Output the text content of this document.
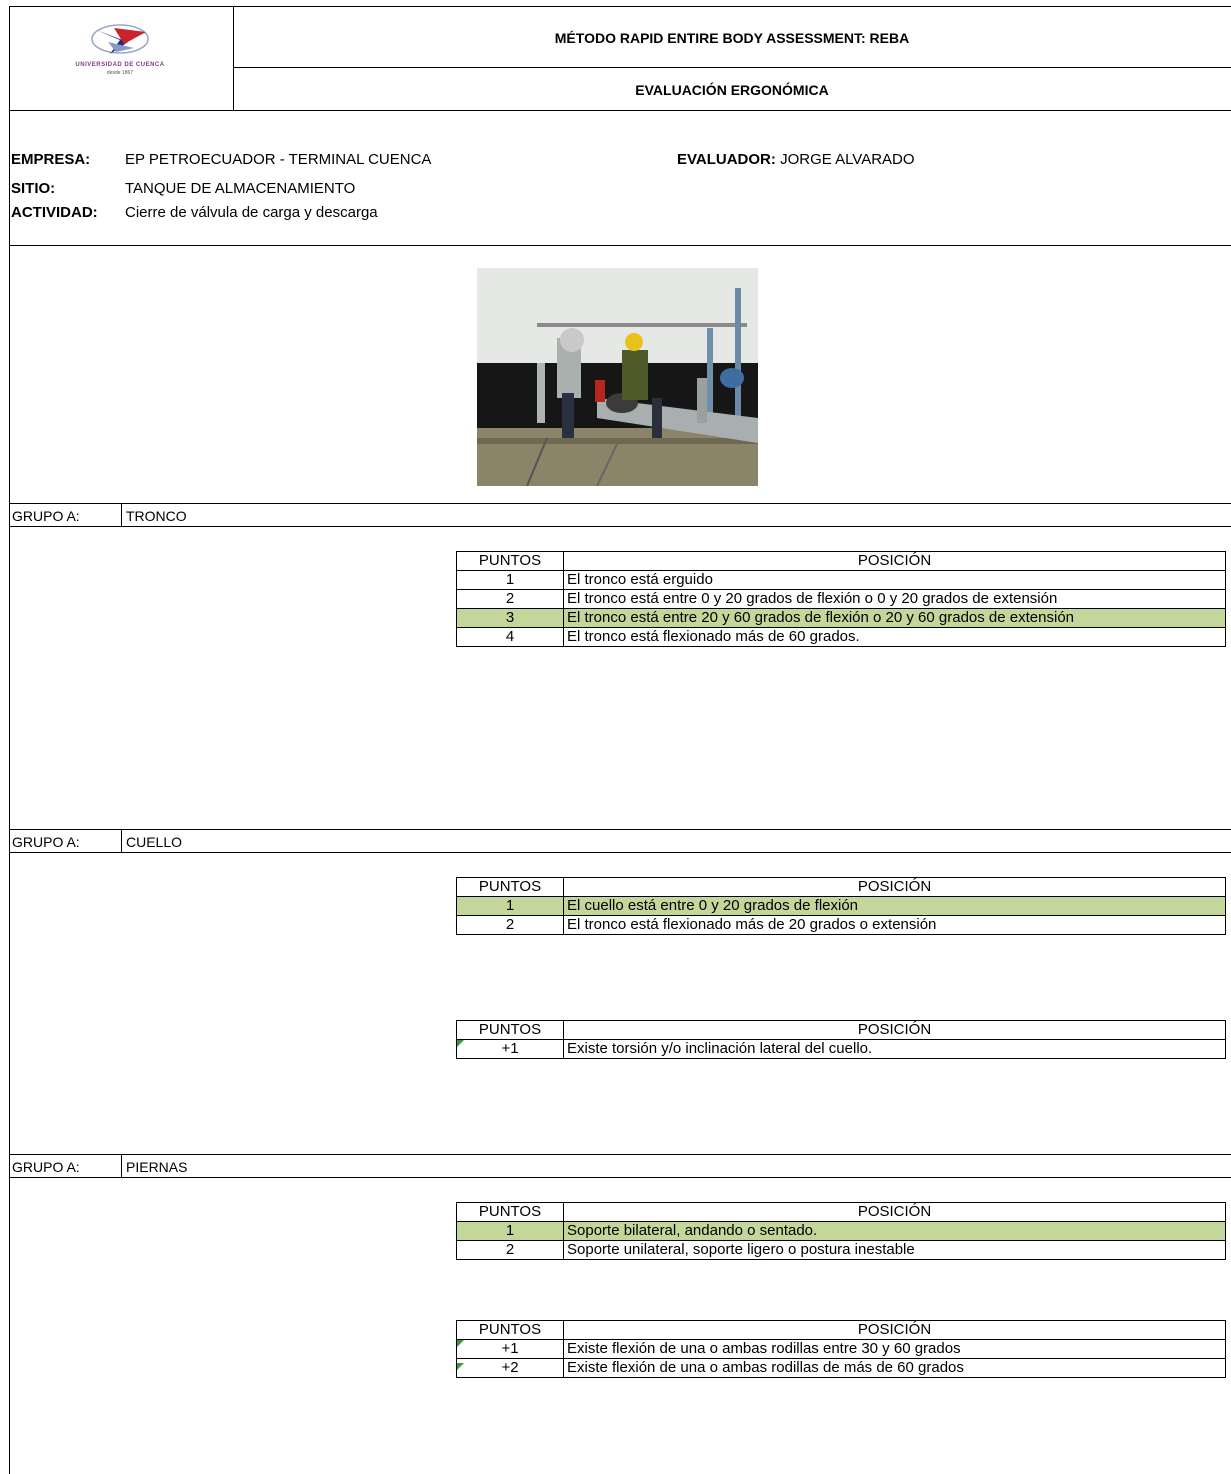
UNIVERSIDAD DE CUENCA
desde 1867
MÉTODO RAPID ENTIRE BODY ASSESSMENT: REBA
EVALUACIÓN ERGONÓMICA
EMPRESA: EP PETROECUADOR - TERMINAL CUENCA	EVALUADOR: JORGE ALVARADO
SITIO:	TANQUE DE ALMACENAMIENTO
ACTIVIDAD: Cierre de válvula de carga y descarga
GRUPO A:	TRONCO
PUNTOS	POSICIÓN
1	El tronco está erguido
2	El tronco está entre 0 y 20 grados de flexión o 0 y 20 grados de extensión
3	El tronco está entre 20 y 60 grados de flexión o 20 y 60 grados de extensión
4	El tronco está flexionado más de 60 grados.
GRUPO A:	CUELLO
PUNTOS	POSICIÓN
1	El cuello está entre 0 y 20 grados de flexión
2	El tronco está flexionado más de 20 grados o extensión
PUNTOS	POSICIÓN
+1	Existe torsión y/o inclinación lateral del cuello.
GRUPO A:	PIERNAS
PUNTOS	POSICIÓN
1	Soporte bilateral, andando o sentado.
2	Soporte unilateral, soporte ligero o postura inestable
PUNTOS	POSICIÓN
+1	Existe flexión de una o ambas rodillas entre 30 y 60 grados
+2	Existe flexión de una o ambas rodillas de más de 60 grados
